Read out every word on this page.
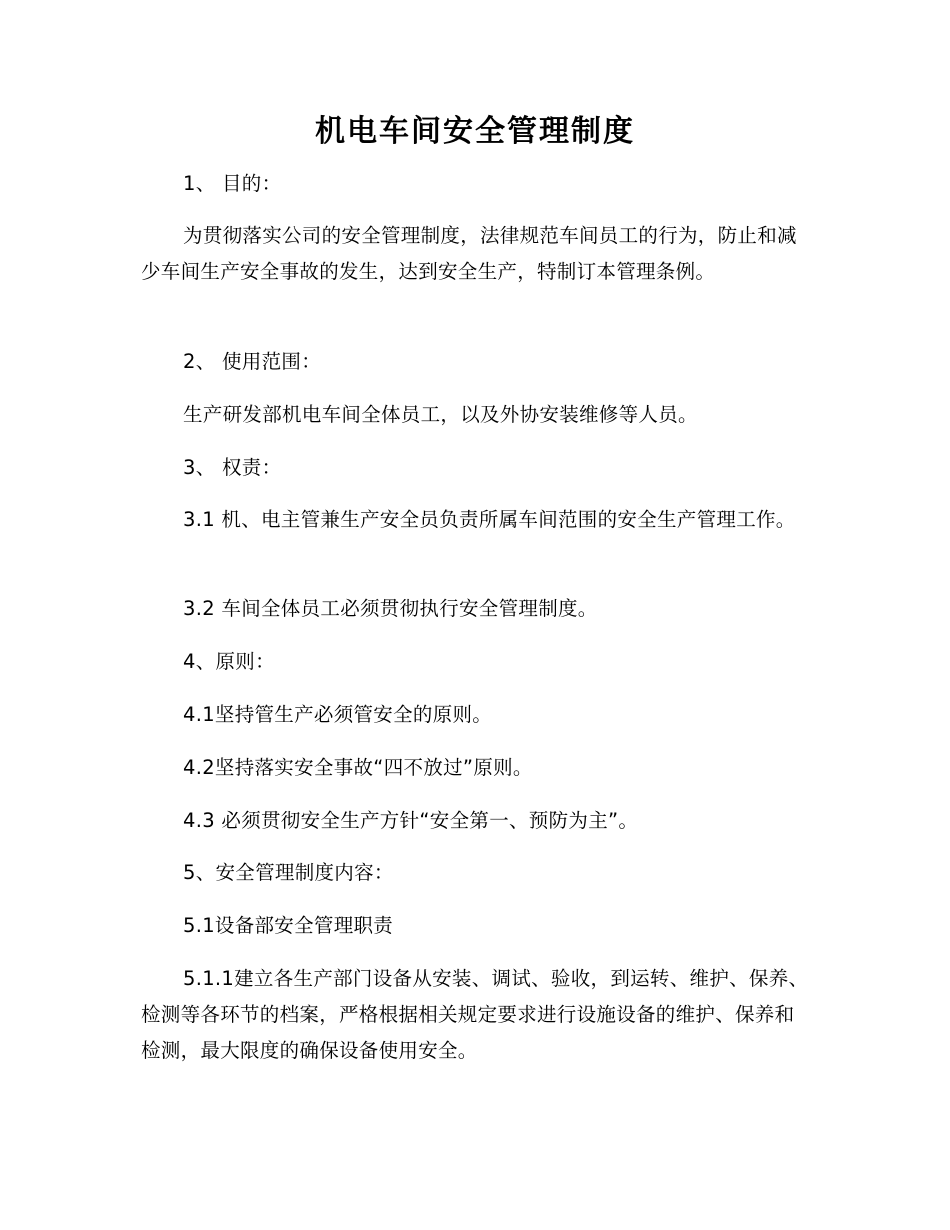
机电车间安全管理制度

1、 目的：

为贯彻落实公司的安全管理制度，法律规范车间员工的行为，防止和减少车间生产安全事故的发生，达到安全生产，特制订本管理条例。

2、 使用范围：

生产研发部机电车间全体员工，以及外协安装维修等人员。

3、 权责：

3.1 机、电主管兼生产安全员负责所属车间范围的安全生产管理工作。

3.2 车间全体员工必须贯彻执行安全管理制度。

4、原则：

4.1坚持管生产必须管安全的原则。

4.2坚持落实安全事故“四不放过”原则。

4.3 必须贯彻安全生产方针“安全第一、预防为主”。

5、安全管理制度内容：

5.1设备部安全管理职责

5.1.1建立各生产部门设备从安装、调试、验收，到运转、维护、保养、检测等各环节的档案，严格根据相关规定要求进行设施设备的维护、保养和检测，最大限度的确保设备使用安全。
